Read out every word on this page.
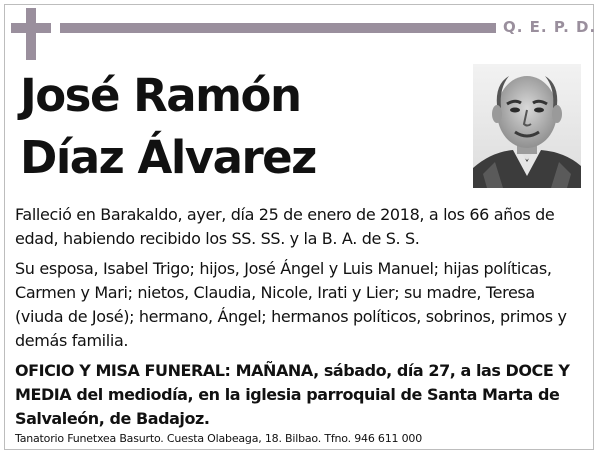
Q. E. P. D.
José Ramón
Díaz Álvarez
Falleció en Barakaldo, ayer, día 25 de enero de 2018, a los 66 años de edad, habiendo recibido los SS. SS. y la B. A. de S. S.
Su esposa, Isabel Trigo; hijos, José Ángel y Luis Manuel; hijas políticas, Carmen y Mari; nietos, Claudia, Nicole, Irati y Lier; su madre, Teresa (viuda de José); hermano, Ángel; hermanos políticos, sobrinos, primos y demás familia.
OFICIO Y MISA FUNERAL: MAÑANA, sábado, día 27, a las DOCE Y MEDIA del mediodía, en la iglesia parroquial de Santa Marta de Salvaleón, de Badajoz.
Tanatorio Funetxea Basurto. Cuesta Olabeaga, 18. Bilbao. Tfno. 946 611 000
